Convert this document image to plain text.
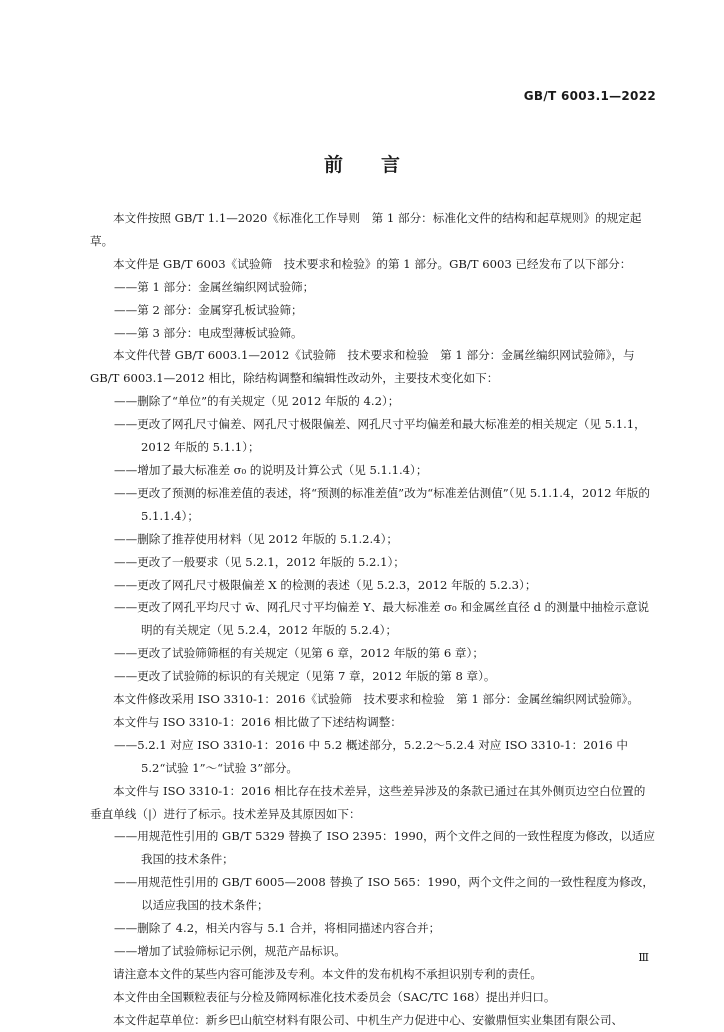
GB/T 6003.1—2022
前言

本文件按照 GB/T 1.1—2020《标准化工作导则　第 1 部分：标准化文件的结构和起草规则》的规定起草。

本文件是 GB/T 6003《试验筛　技术要求和检验》的第 1 部分。GB/T 6003 已经发布了以下部分：

——第 1 部分：金属丝编织网试验筛；

——第 2 部分：金属穿孔板试验筛；

——第 3 部分：电成型薄板试验筛。

本文件代替 GB/T 6003.1—2012《试验筛　技术要求和检验　第 1 部分：金属丝编织网试验筛》，与 GB/T 6003.1—2012 相比，除结构调整和编辑性改动外，主要技术变化如下：

——删除了“单位”的有关规定（见 2012 年版的 4.2）；

——更改了网孔尺寸偏差、网孔尺寸极限偏差、网孔尺寸平均偏差和最大标准差的相关规定（见 5.1.1，2012 年版的 5.1.1）；

——增加了最大标准差 σ₀ 的说明及计算公式（见 5.1.1.4）；

——更改了预测的标准差值的表述，将“预测的标准差值”改为“标准差估测值”（见 5.1.1.4，2012 年版的 5.1.1.4）；

——删除了推荐使用材料（见 2012 年版的 5.1.2.4）；

——更改了一般要求（见 5.2.1，2012 年版的 5.2.1）；

——更改了网孔尺寸极限偏差 X 的检测的表述（见 5.2.3，2012 年版的 5.2.3）；

——更改了网孔平均尺寸 w̄、网孔尺寸平均偏差 Y、最大标准差 σ₀ 和金属丝直径 d 的测量中抽检示意说明的有关规定（见 5.2.4，2012 年版的 5.2.4）；

——更改了试验筛筛框的有关规定（见第 6 章，2012 年版的第 6 章）；

——更改了试验筛的标识的有关规定（见第 7 章，2012 年版的第 8 章）。

本文件修改采用 ISO 3310-1：2016《试验筛　技术要求和检验　第 1 部分：金属丝编织网试验筛》。

本文件与 ISO 3310-1：2016 相比做了下述结构调整：

——5.2.1 对应 ISO 3310-1：2016 中 5.2 概述部分，5.2.2～5.2.4 对应 ISO 3310-1：2016 中 5.2“试验 1”～“试验 3”部分。

本文件与 ISO 3310-1：2016 相比存在技术差异，这些差异涉及的条款已通过在其外侧页边空白位置的垂直单线（|）进行了标示。技术差异及其原因如下：

——用规范性引用的 GB/T 5329 替换了 ISO 2395：1990，两个文件之间的一致性程度为修改，以适应我国的技术条件；

——用规范性引用的 GB/T 6005—2008 替换了 ISO 565：1990，两个文件之间的一致性程度为修改，以适应我国的技术条件；

——删除了 4.2，相关内容与 5.1 合并，将相同描述内容合并；

——增加了试验筛标记示例，规范产品标识。

请注意本文件的某些内容可能涉及专利。本文件的发布机构不承担识别专利的责任。

本文件由全国颗粒表征与分检及筛网标准化技术委员会（SAC/TC 168）提出并归口。

本文件起草单位：新乡巴山航空材料有限公司、中机生产力促进中心、安徽鼎恒实业集团有限公司、

Ⅲ
